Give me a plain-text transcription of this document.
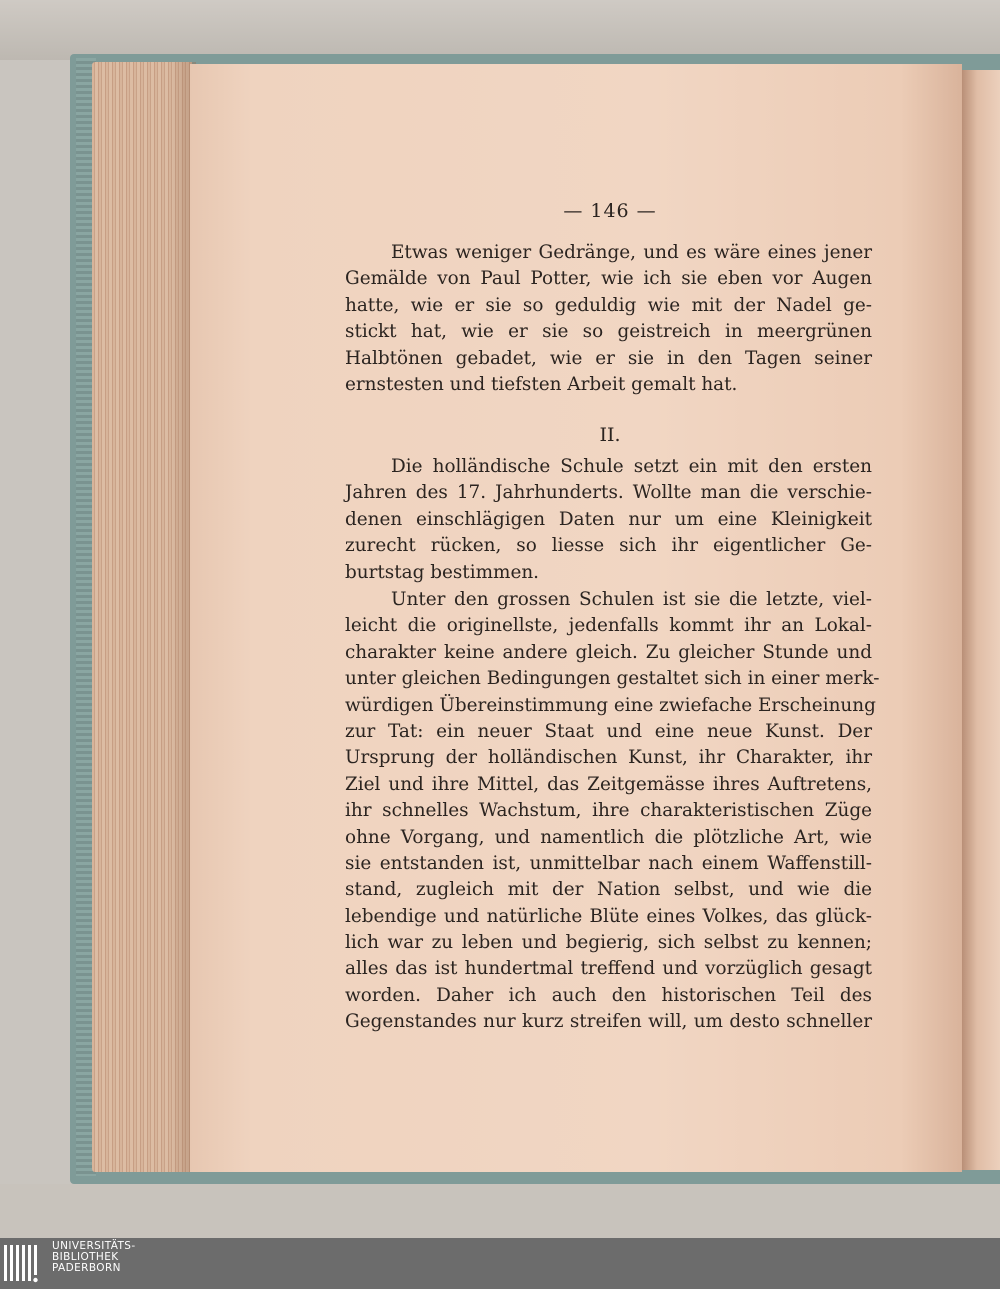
— 146 —
Etwas weniger Gedränge, und es wäre eines jener
Gemälde von Paul Potter, wie ich sie eben vor Augen
hatte, wie er sie so geduldig wie mit der Nadel ge-
stickt hat, wie er sie so geistreich in meergrünen
Halbtönen gebadet, wie er sie in den Tagen seiner
ernstesten und tiefsten Arbeit gemalt hat.
II.
Die holländische Schule setzt ein mit den ersten
Jahren des 17. Jahrhunderts. Wollte man die verschie-
denen einschlägigen Daten nur um eine Kleinigkeit
zurecht rücken, so liesse sich ihr eigentlicher Ge-
burtstag bestimmen.
Unter den grossen Schulen ist sie die letzte, viel-
leicht die originellste, jedenfalls kommt ihr an Lokal-
charakter keine andere gleich. Zu gleicher Stunde und
unter gleichen Bedingungen gestaltet sich in einer merk-
würdigen Übereinstimmung eine zwiefache Erscheinung
zur Tat: ein neuer Staat und eine neue Kunst. Der
Ursprung der holländischen Kunst, ihr Charakter, ihr
Ziel und ihre Mittel, das Zeitgemässe ihres Auftretens,
ihr schnelles Wachstum, ihre charakteristischen Züge
ohne Vorgang, und namentlich die plötzliche Art, wie
sie entstanden ist, unmittelbar nach einem Waffenstill-
stand, zugleich mit der Nation selbst, und wie die
lebendige und natürliche Blüte eines Volkes, das glück-
lich war zu leben und begierig, sich selbst zu kennen;
alles das ist hundertmal treffend und vorzüglich gesagt
worden. Daher ich auch den historischen Teil des
Gegenstandes nur kurz streifen will, um desto schneller
UNIVERSITÄTS-
BIBLIOTHEK
PADERBORN
